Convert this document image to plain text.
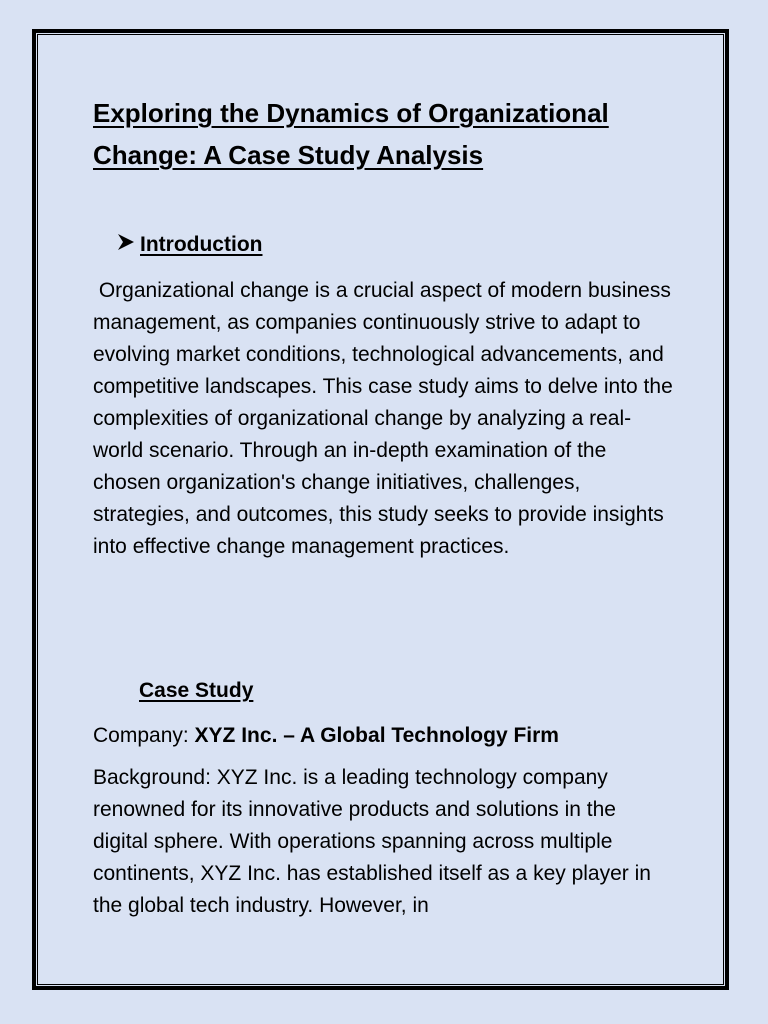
Exploring the Dynamics of Organizational Change: A Case Study Analysis
Introduction

Organizational change is a crucial aspect of modern business management, as companies continuously strive to adapt to evolving market conditions, technological advancements, and competitive landscapes. This case study aims to delve into the complexities of organizational change by analyzing a real-world scenario. Through an in-depth examination of the chosen organization's change initiatives, challenges, strategies, and outcomes, this study seeks to provide insights into effective change management practices.

Case Study

Company: XYZ Inc. – A Global Technology Firm

Background: XYZ Inc. is a leading technology company renowned for its innovative products and solutions in the digital sphere. With operations spanning across multiple continents, XYZ Inc. has established itself as a key player in the global tech industry. However, in
